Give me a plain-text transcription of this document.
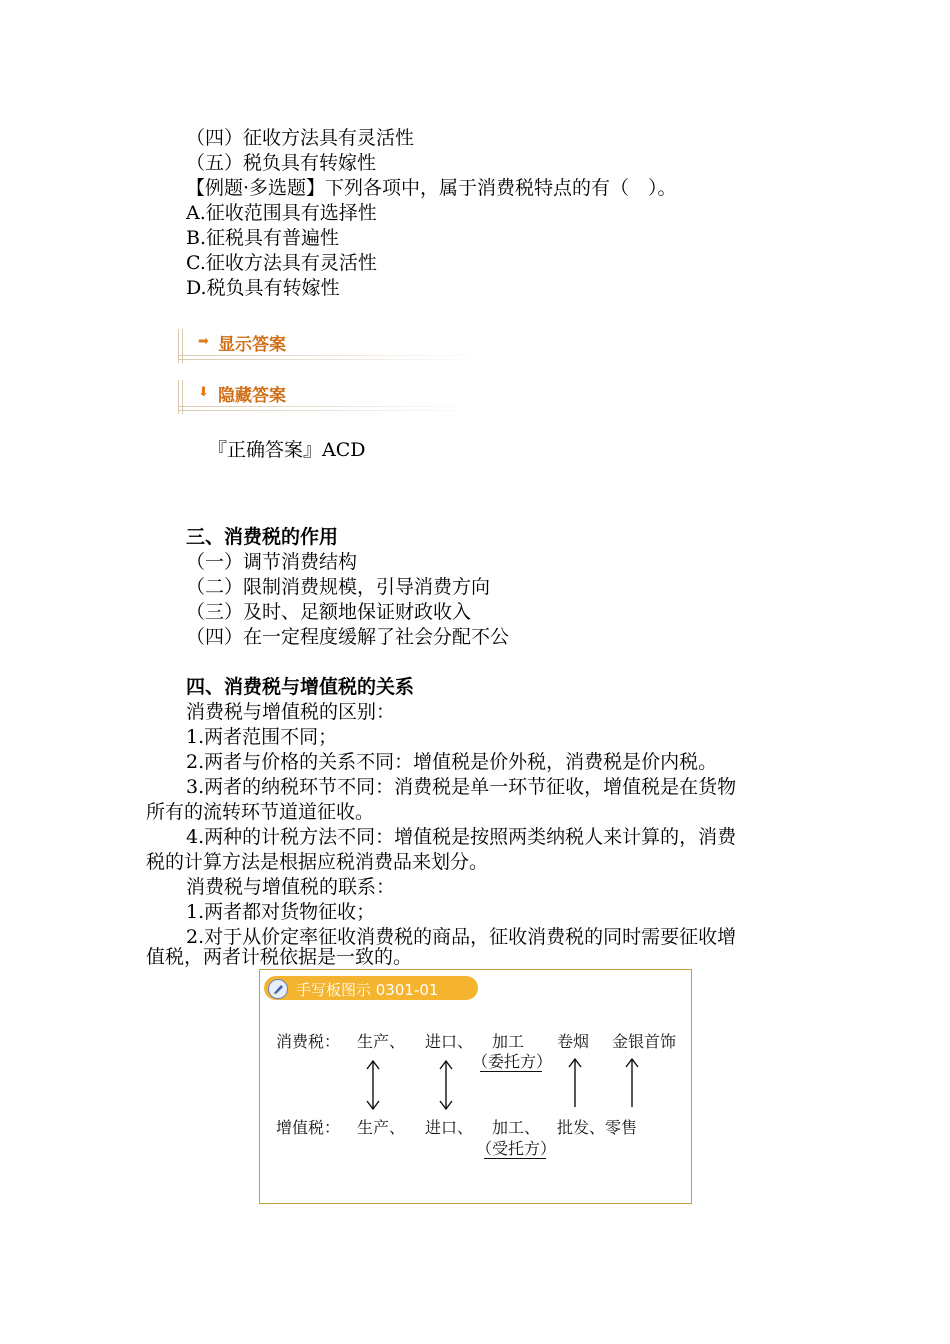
（四）征收方法具有灵活性
（五）税负具有转嫁性
【例题·多选题】下列各项中，属于消费税特点的有（　）。
A.征收范围具有选择性
B.征税具有普遍性
C.征收方法具有灵活性
D.税负具有转嫁性
➡ 显示答案
⬇ 隐藏答案
『正确答案』ACD
三、消费税的作用
（一）调节消费结构
（二）限制消费规模，引导消费方向
（三）及时、足额地保证财政收入
（四）在一定程度缓解了社会分配不公
四、消费税与增值税的关系
消费税与增值税的区别：
1.两者范围不同；
2.两者与价格的关系不同：增值税是价外税，消费税是价内税。
3.两者的纳税环节不同：消费税是单一环节征收，增值税是在货物
所有的流转环节道道征收。
4.两种的计税方法不同：增值税是按照两类纳税人来计算的，消费
税的计算方法是根据应税消费品来划分。
消费税与增值税的联系：
1.两者都对货物征收；
2.对于从价定率征收消费税的商品，征收消费税的同时需要征收增
值税，两者计税依据是一致的。
手写板图示 0301-01
消费税： 生产、 进口、 加工
（委托方）
卷烟 金银首饰
增值税： 生产、 进口、 加工、
（受托方）
批发、零售
